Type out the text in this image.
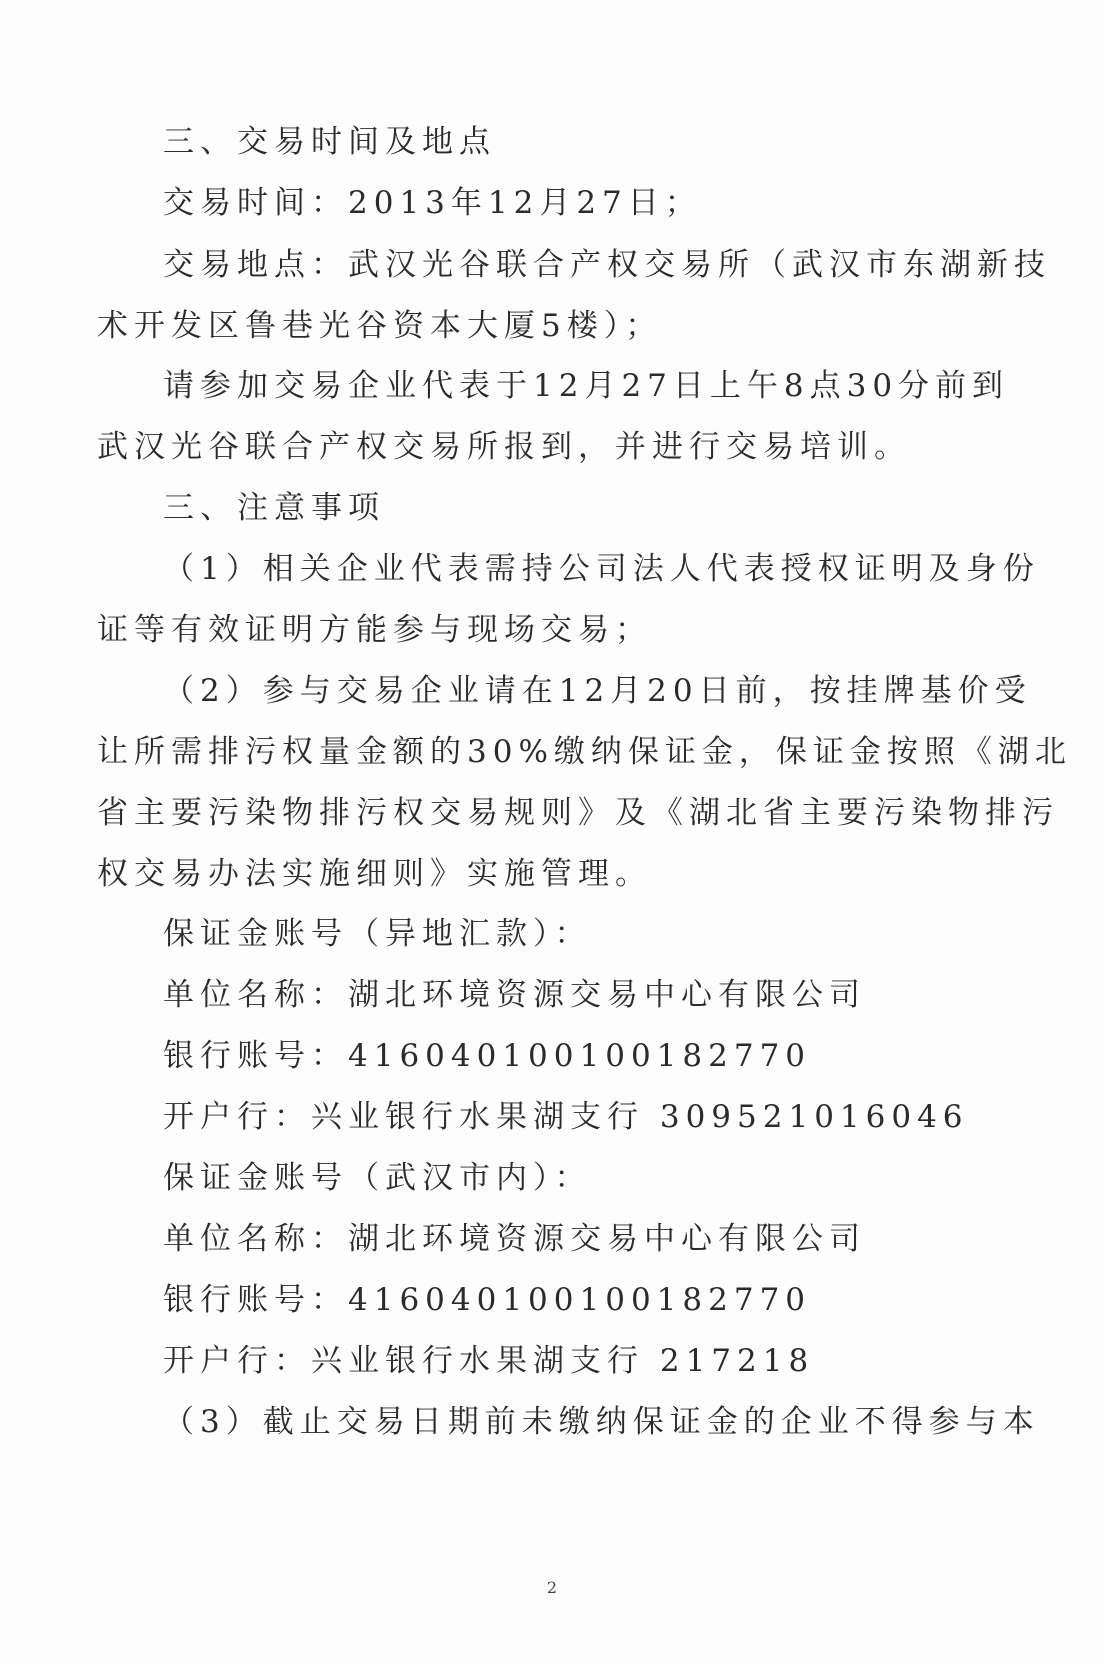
三、交易时间及地点
交易时间：2013年12月27日；
交易地点：武汉光谷联合产权交易所（武汉市东湖新技
术开发区鲁巷光谷资本大厦5楼）；
请参加交易企业代表于12月27日上午8点30分前到
武汉光谷联合产权交易所报到，并进行交易培训。
三、注意事项
（1）相关企业代表需持公司法人代表授权证明及身份
证等有效证明方能参与现场交易；
（2）参与交易企业请在12月20日前，按挂牌基价受
让所需排污权量金额的30%缴纳保证金，保证金按照《湖北
省主要污染物排污权交易规则》及《湖北省主要污染物排污
权交易办法实施细则》实施管理。
保证金账号（异地汇款）：
单位名称：湖北环境资源交易中心有限公司
银行账号：416040100100182770
开户行：兴业银行水果湖支行 309521016046
保证金账号（武汉市内）：
单位名称：湖北环境资源交易中心有限公司
银行账号：416040100100182770
开户行：兴业银行水果湖支行 217218
（3）截止交易日期前未缴纳保证金的企业不得参与本
2
